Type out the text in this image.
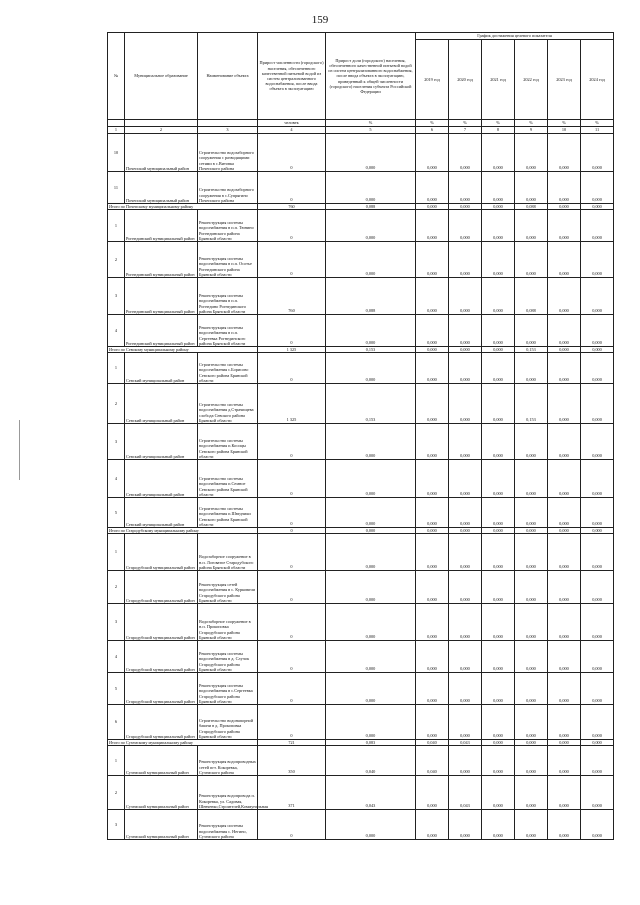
159
№	Муниципальное образование	Наименование объекта	Прирост численности (городского) населения, обеспеченного качественной питьевой водой из систем централизованного водоснабжения, после ввода объекта в эксплуатацию	Прирост доли (городского) населения, обеспеченного качественной питьевой водой из систем централизованного водоснабжения, после ввода объекта в эксплуатацию, приведенный к общей численности (городского) населения субъекта Российской Федерации	График достижения целевого показателя					
					2019 год	2020 год	2021 год	2022 год	2023 год	2024 год
			человек	%	%	%	%	%	%	%
1	2	3	4	5	6	7	8	9	10	11
10	Почепский муниципальный район	Строительство водозаборного сооружения с разводящими сетями в с.Витовка Почепского района	0	0,000	0,000	0,000	0,000	0,000	0,000	0,000
11	Почепский муниципальный район	Строительство водозаборного сооружения в с.Супрягино Почепского района	0	0,000	0,000	0,000	0,000	0,000	0,000	0,000
Итого по Почепскому муниципальному району			760	0,088	0,000	0,000	0,000	0,088	0,000	0,000
1	Рогнединский муниципальный район	Реконструкция системы водоснабжения в п.п. Тюнино Рогнединского района Брянской области	0	0,000	0,000	0,000	0,000	0,000	0,000	0,000
2	Рогнединский муниципальный район	Реконструкция системы водоснабжения в п.п. Осотье Рогнединского района Брянской области	0	0,000	0,000	0,000	0,000	0,000	0,000	0,000
3	Рогнединский муниципальный район	Реконструкция системы водоснабжения в п.п. Рогнедино Рогнединского района Брянской области	760	0,088	0,000	0,000	0,000	0,088	0,000	0,000
4	Рогнединский муниципальный район	Реконструкция системы водоснабжения в п.п. Сергеевка Рогнединского района Брянской области	0	0,000	0,000	0,000	0,000	0,000	0,000	0,000
Итого по Севскому муниципальному району			1 325	0,153	0,000	0,000	0,000	0,153	0,000	0,000
1	Севский муниципальный район	Строительство системы водоснабжения с.Борисово Севского района Брянской области	0	0,000	0,000	0,000	0,000	0,000	0,000	0,000
2	Севский муниципальный район	Строительство системы водоснабжения д.Страчищева слобода Севского района Брянской области	1 325	0,153	0,000	0,000	0,000	0,153	0,000	0,000
3	Севский муниципальный район	Строительство системы водоснабжения п.Косицы Севского района Брянской области	0	0,000	0,000	0,000	0,000	0,000	0,000	0,000
4	Севский муниципальный район	Строительство системы водоснабжения п.Семное Севского района Брянской области	0	0,000	0,000	0,000	0,000	0,000	0,000	0,000
5	Севский муниципальный район	Строительство системы водоснабжения п.Шведчики Севского района Брянской области	0	0,000	0,000	0,000	0,000	0,000	0,000	0,000
Итого по Стародубскому муниципальному району			0	0,000	0,000	0,000	0,000	0,000	0,000	0,000
1	Стародубский муниципальный район	Водозаборное сооружение в н.п. Логоватое Стародубского района Брянской области	0	0,000	0,000	0,000	0,000	0,000	0,000	0,000
2	Стародубский муниципальный район	Реконструкция сетей водоснабжения в с. Курковичи Стародубского района Брянской области	0	0,000	0,000	0,000	0,000	0,000	0,000	0,000
3	Стародубский муниципальный район	Водозаборное сооружение в н.п. Прокоповка Стародубского района Брянской области	0	0,000	0,000	0,000	0,000	0,000	0,000	0,000
4	Стародубский муниципальный район	Реконструкция системы водоснабжения в д. Случок Стародубского района Брянской области	0	0,000	0,000	0,000	0,000	0,000	0,000	0,000
5	Стародубский муниципальный район	Реконструкция системы водоснабжения в с.Сергеевка Стародубского района Брянской области	0	0,000	0,000	0,000	0,000	0,000	0,000	0,000
6	Стародубский муниципальный район	Строительство водонапорной башни в д. Прокоповка Стародубского района Брянской области	0	0,000	0,000	0,000	0,000	0,000	0,000	0,000
Итого по Суземскому муниципальному району			721	0,083	0,040	0,043	0,000	0,000	0,000	0,000
1	Суземский муниципальный район	Реконструкция водопроводных сетей пгт. Кокоревка, Суземского района	350	0,040	0,040	0,000	0,000	0,000	0,000	0,000
2	Суземский муниципальный район	Реконструкция водопровода п. Кокоревка, ул. Садовая, Шевченко,Строителей,Коммунальная	371	0,043	0,000	0,043	0,000	0,000	0,000	0,000
3	Суземский муниципальный район	Реконструкция системы водоснабжения с. Негино, Суземского района	0	0,000	0,000	0,000	0,000	0,000	0,000	0,000
